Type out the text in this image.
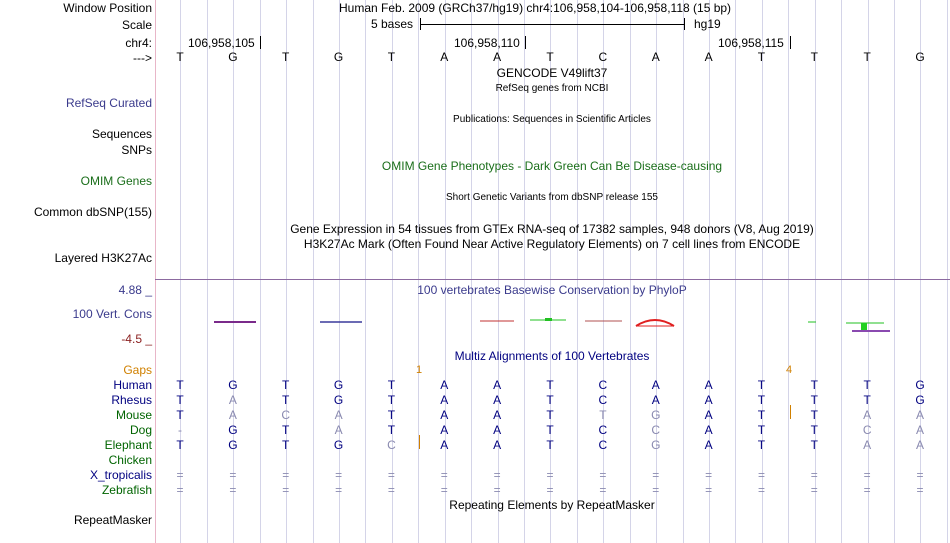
Window Position	Human Feb. 2009 (GRCh37/hg19) chr4:106,958,104-106,958,118 (15 bp)
Scale	5 bases	hg19
chr4:	106,958,105	106,958,110	106,958,115
--->	T	G	T	G	T	A	A	T	C	A	A	T	T	T	G
GENCODE V49lift37
RefSeq genes from NCBI
RefSeq Curated
Publications: Sequences in Scientific Articles
Sequences
SNPs
OMIM Gene Phenotypes - Dark Green Can Be Disease-causing
OMIM Genes
Short Genetic Variants from dbSNP release 155
Common dbSNP(155)
Gene Expression in 54 tissues from GTEx RNA-seq of 17382 samples, 948 donors (V8, Aug 2019)
H3K27Ac Mark (Often Found Near Active Regulatory Elements) on 7 cell lines from ENCODE
Layered H3K27Ac
4.88 _	100 vertebrates Basewise Conservation by PhyloP
100 Vert. Cons
-4.5 _
Multiz Alignments of 100 Vertebrates
Gaps	1	4
Human	T	G	T	G	T	A	A	T	C	A	A	T	T	T	G
Rhesus	T	A	T	G	T	A	A	T	C	A	A	T	T	T	G
Mouse	T	A	C	A	T	A	A	T	T	G	A	T	T	A	A
Dog	-	G	T	A	T	A	A	T	C	C	A	T	T	C	A
Elephant	T	G	T	G	C	A	A	T	C	G	A	T	T	A	A
Chicken
X_tropicalis	=	=	=	=	=	=	=	=	=	=	=	=	=	=	=
Zebrafish	=	=	=	=	=	=	=	=	=	=	=	=	=	=	=
Repeating Elements by RepeatMasker
RepeatMasker
